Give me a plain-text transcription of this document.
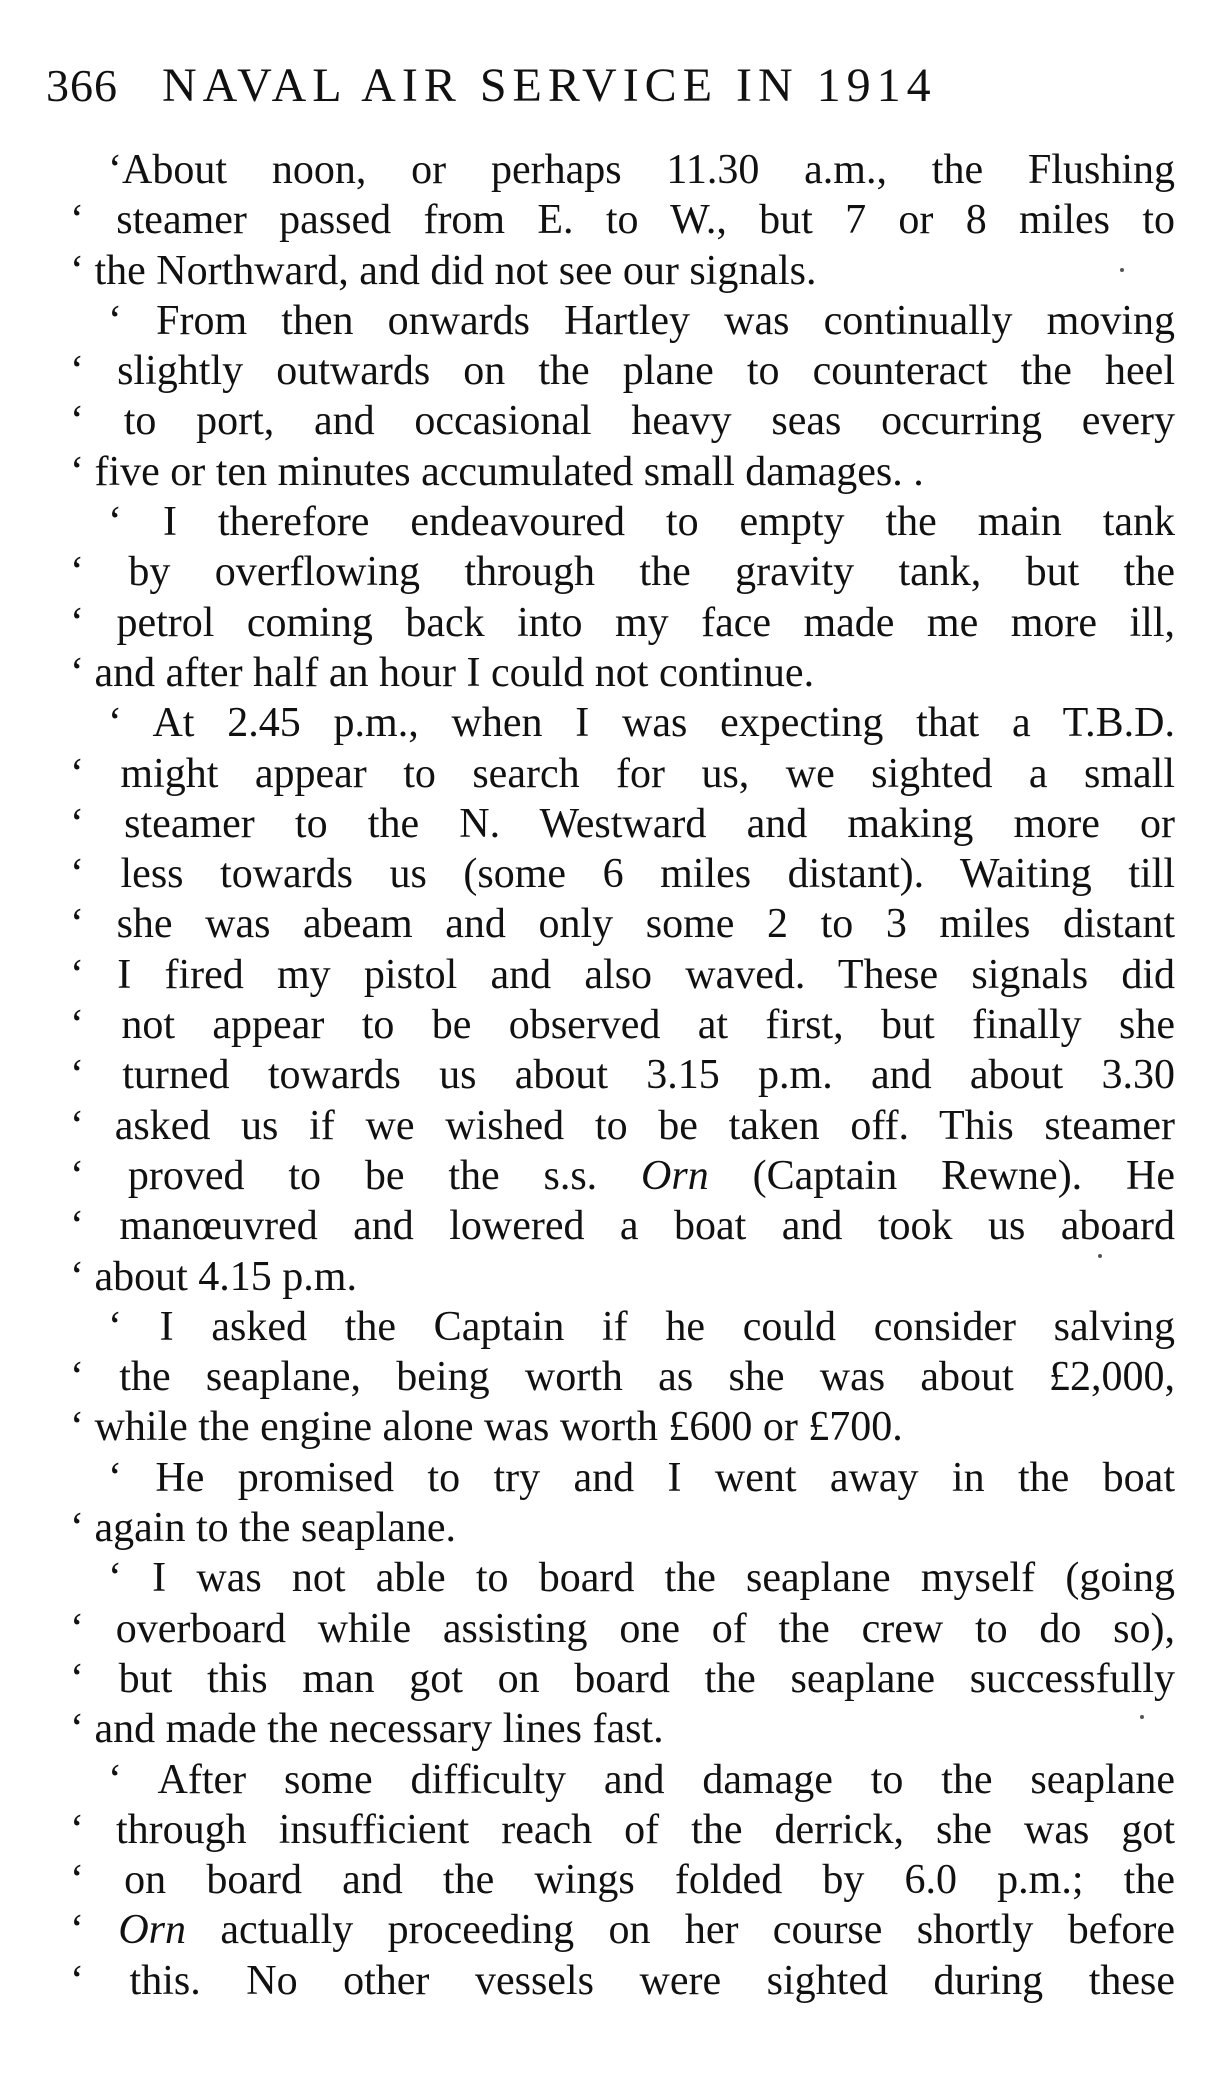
366 NAVAL AIR SERVICE IN 1914
‘About noon, or perhaps 11.30 a.m., the Flushing
‘ steamer passed from E. to W., but 7 or 8 miles to
‘ the Northward, and did not see our signals.
‘ From then onwards Hartley was continually moving
‘ slightly outwards on the plane to counteract the heel
‘ to port, and occasional heavy seas occurring every
‘ five or ten minutes accumulated small damages. .
‘ I therefore endeavoured to empty the main tank
‘ by overflowing through the gravity tank, but the
‘ petrol coming back into my face made me more ill,
‘ and after half an hour I could not continue.
‘ At 2.45 p.m., when I was expecting that a T.B.D.
‘ might appear to search for us, we sighted a small
‘ steamer to the N. Westward and making more or
‘ less towards us (some 6 miles distant). Waiting till
‘ she was abeam and only some 2 to 3 miles distant
‘ I fired my pistol and also waved. These signals did
‘ not appear to be observed at first, but finally she
‘ turned towards us about 3.15 p.m. and about 3.30
‘ asked us if we wished to be taken off. This steamer
‘ proved to be the s.s. Orn (Captain Rewne). He
‘ manœuvred and lowered a boat and took us aboard
‘ about 4.15 p.m.
‘ I asked the Captain if he could consider salving
‘ the seaplane, being worth as she was about £2,000,
‘ while the engine alone was worth £600 or £700.
‘ He promised to try and I went away in the boat
‘ again to the seaplane.
‘ I was not able to board the seaplane myself (going
‘ overboard while assisting one of the crew to do so),
‘ but this man got on board the seaplane successfully
‘ and made the necessary lines fast.
‘ After some difficulty and damage to the seaplane
‘ through insufficient reach of the derrick, she was got
‘ on board and the wings folded by 6.0 p.m.; the
‘ Orn actually proceeding on her course shortly before
‘ this. No other vessels were sighted during these
